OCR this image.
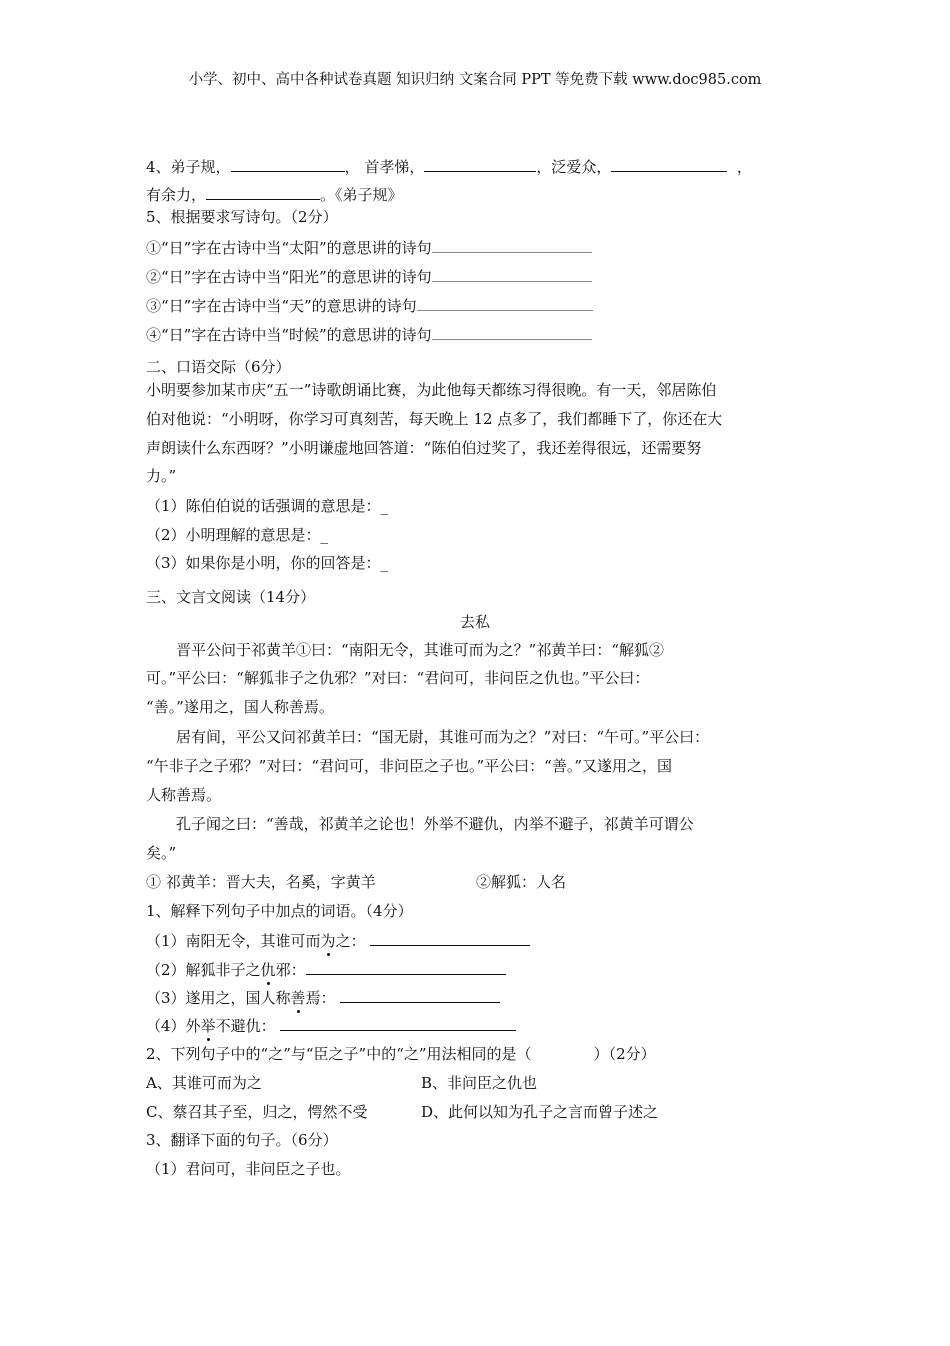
小学、初中、高中各种试卷真题 知识归纳 文案合同 PPT 等免费下载 www.doc985.com
4、弟子规，	， 首孝悌，	，泛爱众，	，
有余力，	。《弟子规》
5、根据要求写诗句。（2分）
①“日”字在古诗中当“太阳”的意思讲的诗句
②“日”字在古诗中当“阳光”的意思讲的诗句
③“日”字在古诗中当“天”的意思讲的诗句
④“日”字在古诗中当“时候”的意思讲的诗句
二、口语交际（6分）
小明要参加某市庆“五一”诗歌朗诵比赛，为此他每天都练习得很晚。有一天，邻居陈伯
伯对他说：“小明呀，你学习可真刻苦，每天晚上 12 点多了，我们都睡下了，你还在大
声朗读什么东西呀？”小明谦虚地回答道：“陈伯伯过奖了，我还差得很远，还需要努
力。”
（1）陈伯伯说的话强调的意思是：_
（2）小明理解的意思是：_
（3）如果你是小明，你的回答是：_
三、文言文阅读（14分）
去私
晋平公问于祁黄羊①曰：“南阳无令，其谁可而为之？”祁黄羊曰：“解狐②
可。”平公曰：“解狐非子之仇邪？”对曰：“君问可，非问臣之仇也。”平公曰：
“善。”遂用之，国人称善焉。
居有间，平公又问祁黄羊曰：“国无尉，其谁可而为之？”对曰：“午可。”平公曰：
“午非子之子邪？”对曰：“君问可，非问臣之子也。”平公曰：“善。”又遂用之，国
人称善焉。
孔子闻之曰：“善哉，祁黄羊之论也！外举不避仇，内举不避子，祁黄羊可谓公
矣。”
① 祁黄羊：晋大夫，名奚，字黄羊	②解狐：人名
1、解释下列句子中加点的词语。（4分）
（1）南阳无令，其谁可而为之：
（2）解狐非子之仇邪：
（3）遂用之，国人称善焉：
（4）外举不避仇：
2、下列句子中的“之”与“臣之子”中的“之”用法相同的是（	）（2分）
A、其谁可而为之	B、非问臣之仇也
C、蔡召其子至，归之，愕然不受	D、此何以知为孔子之言而曾子述之
3、翻译下面的句子。（6分）
（1）君问可，非问臣之子也。
